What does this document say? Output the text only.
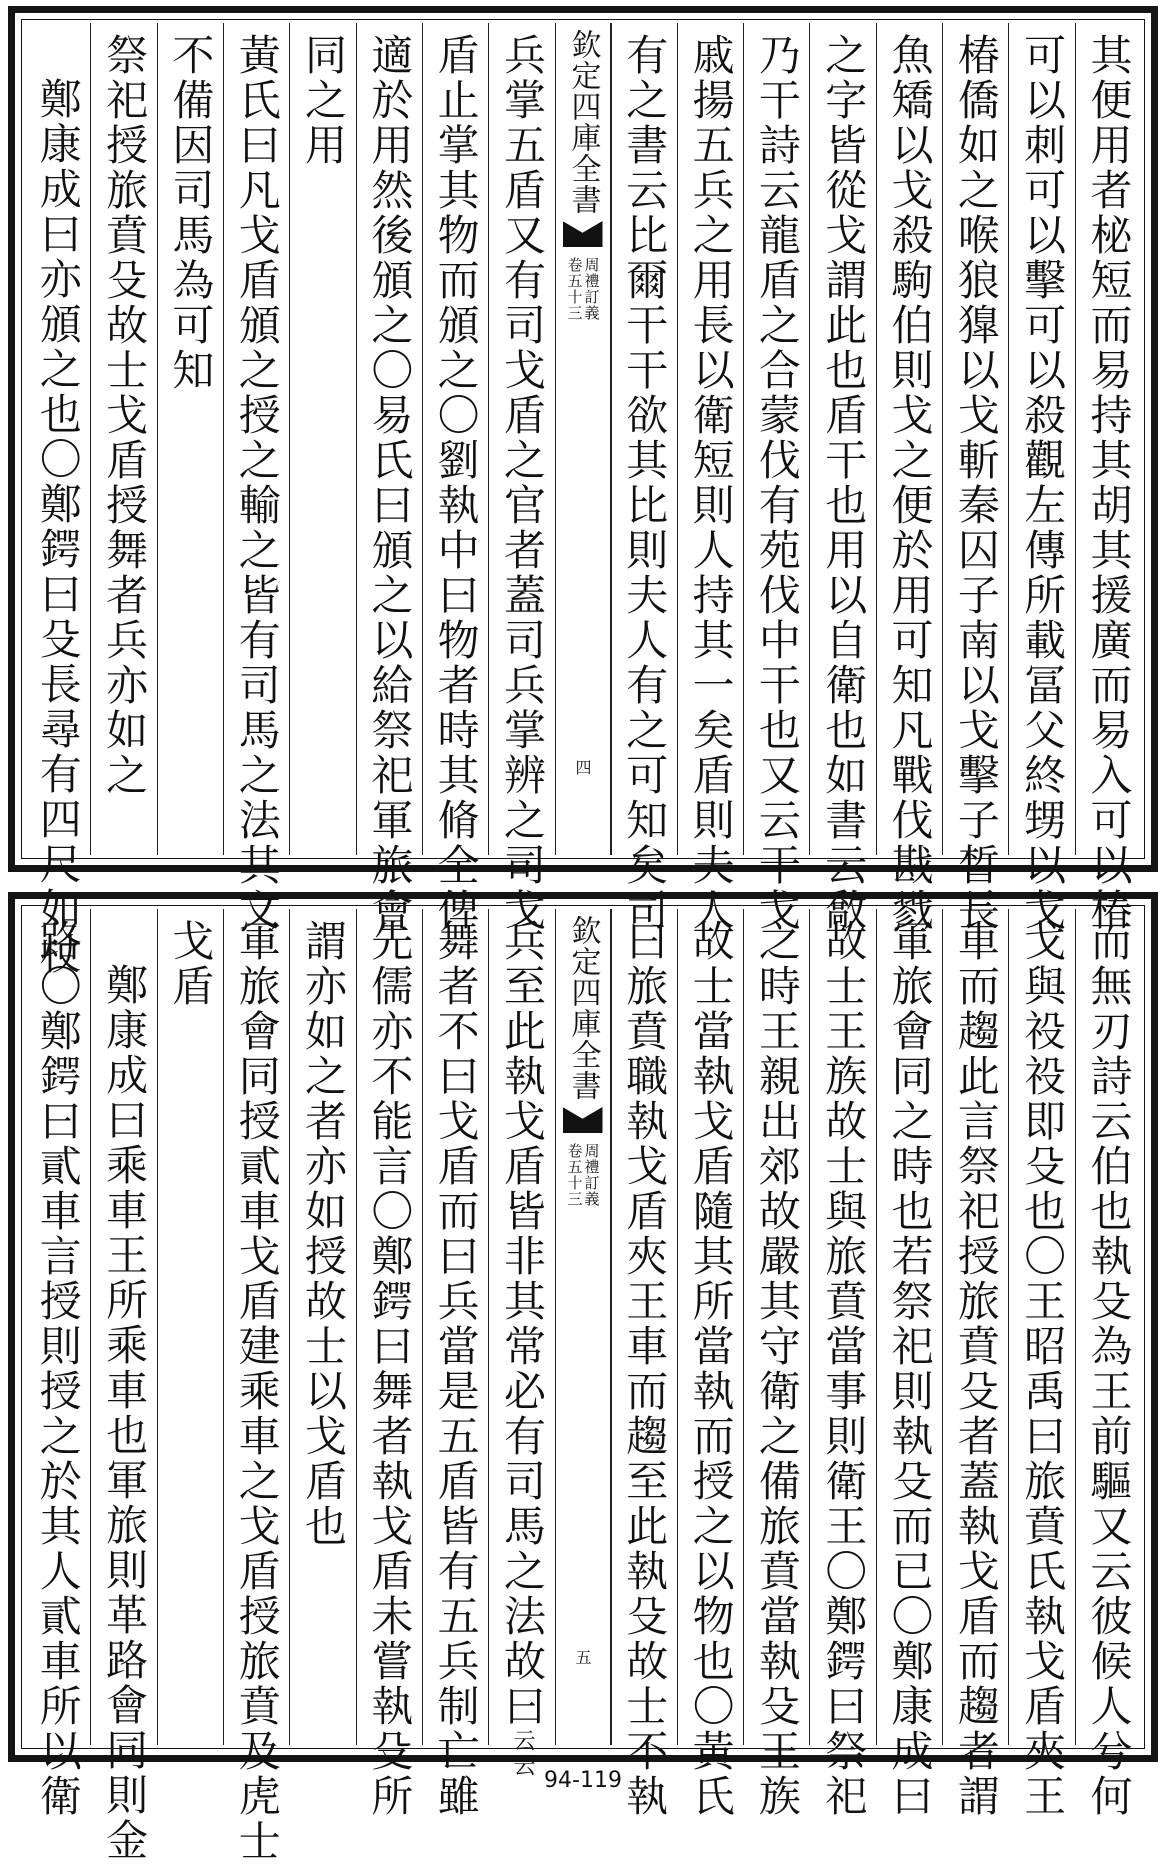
其便用者柲短而易持其胡其援廣而易入可以椿
可以刺可以擊可以殺觀左傳所載冨父終甥以戈
椿僑如之喉狼獋以戈斬秦囚子南以戈擊子晳長
魚矯以戈殺駒伯則戈之便於用可知凡戰伐戡戮
之字皆從戈謂此也盾干也用以自衛也如書云敿
乃干詩云龍盾之合蒙伐有苑伐中干也又云干戈
戚揚五兵之用長以衛短則人持其一矣盾則夫人
有之書云比爾干干欲其比則夫人有之可知矣司
欽定四庫全書
周禮訂義
卷五十三
四
兵掌五盾又有司戈盾之官者蓋司兵掌辨之司戈
盾止掌其物而頒之〇劉執中曰物者時其脩全俾
適於用然後頒之〇易氏曰頒之以給祭祀軍旅會
同之用
黃氏曰凡戈盾頒之授之輸之皆有司馬之法其文
不備因司馬為可知
祭祀授旅賁殳故士戈盾授舞者兵亦如之
鄭康成曰亦頒之也〇鄭鍔曰殳長尋有四尺如杖
而無刃詩云伯也執殳為王前驅又云彼候人兮何
戈與祋祋即殳也〇王昭禹曰旅賁氏執戈盾夾王
車而趨此言祭祀授旅賁殳者蓋執戈盾而趨者謂
軍旅會同之時也若祭祀則執殳而已〇鄭康成曰
故士王族故士與旅賁當事則衛王〇鄭鍔曰祭祀
之時王親出郊故嚴其守衛之備旅賁當執殳王族
故士當執戈盾隨其所當執而授之以物也〇黃氏
曰旅賁職執戈盾夾王車而趨至此執殳故士不執
欽定四庫全書
周禮訂義
卷五十三
五
兵至此執戈盾皆非其常必有司馬之法故曰云云
舞者不曰戈盾而曰兵當是五盾皆有五兵制亡雖
先儒亦不能言〇鄭鍔曰舞者執戈盾未嘗執殳所
謂亦如之者亦如授故士以戈盾也
軍旅會同授貳車戈盾建乘車之戈盾授旅賁及虎士
戈盾
鄭康成曰乘車王所乘車也軍旅則革路會同則金
路〇鄭鍔曰貳車言授則授之於其人貳車所以衛	94-119
